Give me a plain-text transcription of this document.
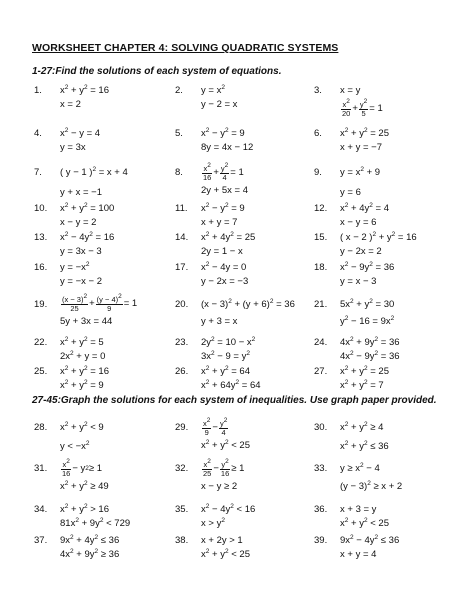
WORKSHEET CHAPTER 4: SOLVING QUADRATIC SYSTEMS
1-27:Find the solutions of each system of equations.
1.	$x^2 + y^2 = 16$
x = 2
2.	$y = x^2$
y − 2 = x
3.	x = y
$\frac{x^2}{20} + \frac{y^2}{5} = 1$
4.	$x^2 - y = 4$
y = 3x
5.	$x^2 - y^2 = 9$
8y = 4x − 12
6.	$x^2 + y^2 = 25$
x + y = −7
7.	( y − 1 )$^2$ = x + 4
y + x = −1
8.	$\frac{x^2}{16} + \frac{y^2}{4} = 1$
2y + 5x = 4
9.	$y = x^2 + 9$
y = 6
10.	$x^2 + y^2 = 100$
x − y = 2
11.	$x^2 - y^2 = 9$
x + y = 7
12.	$x^2 + 4y^2 = 4$
x − y = 6
13.	$x^2 - 4y^2 = 16$
y = 3x − 3
14.	$x^2 + 4y^2 = 25$
2y = 1 − x
15.	( x − 2 )$^2 + y^2 = 16$
y − 2x = 2
16.	$y = -x^2$
y = −x − 2
17.	$x^2 - 4y = 0$
y − 2x = −3
18.	$x^2 - 9y^2 = 36$
y = x − 3
19.	$\frac{(x - 3)^2}{25} + \frac{(y - 4)^2}{9} = 1$
5y + 3x = 44
20.	$(x - 3)^2 + (y + 6)^2 = 36$
y + 3 = x
21.	$5x^2 + y^2 = 30$
$y^2 - 16 = 9x^2$
22.	$x^2 + y^2 = 5$
$2x^2 + y = 0$
23.	$2y^2 = 10 - x^2$
$3x^2 - 9 = y^2$
24.	$4x^2 + 9y^2 = 36$
$4x^2 - 9y^2 = 36$
25.	$x^2 + y^2 = 16$
$x^2 + y^2 = 9$
26.	$x^2 + y^2 = 64$
$x^2 + 64y^2 = 64$
27.	$x^2 + y^2 = 25$
$x^2 + y^2 = 7$
27-45:Graph the solutions for each system of inequalities. Use graph paper provided.
28.	$x^2 + y^2 < 9$
$y < -x^2$
29.	$\frac{x^2}{9} - \frac{y^2}{4}$
$x^2 + y^2 < 25$
30.	$x^2 + y^2 \ge 4$
$x^2 + y^2 \le 36$
31.	$\frac{x^2}{16} - y$ 2 ≥ 1
$x^2 + y^2 \ge 49$
32.	$\frac{x^2}{25} - \frac{y^2}{16} \ge 1$
x − y ≥ 2
33.	$y \ge x^2 - 4$
$(y - 3)^2 \ge x + 2$
34.	$x^2 + y^2 > 16$
$81x^2 + 9y^2 < 729$
35.	$x^2 - 4y^2 < 16$
$x > y^2$
36.	x + 3 = y
$x^2 + y^2 < 25$
37.	$9x^2 + 4y^2 \le 36$
$4x^2 + 9y^2 \ge 36$
38.	x + 2y > 1
$x^2 + y^2 < 25$
39.	$9x^2 - 4y^2 \le 36$
x + y = 4
